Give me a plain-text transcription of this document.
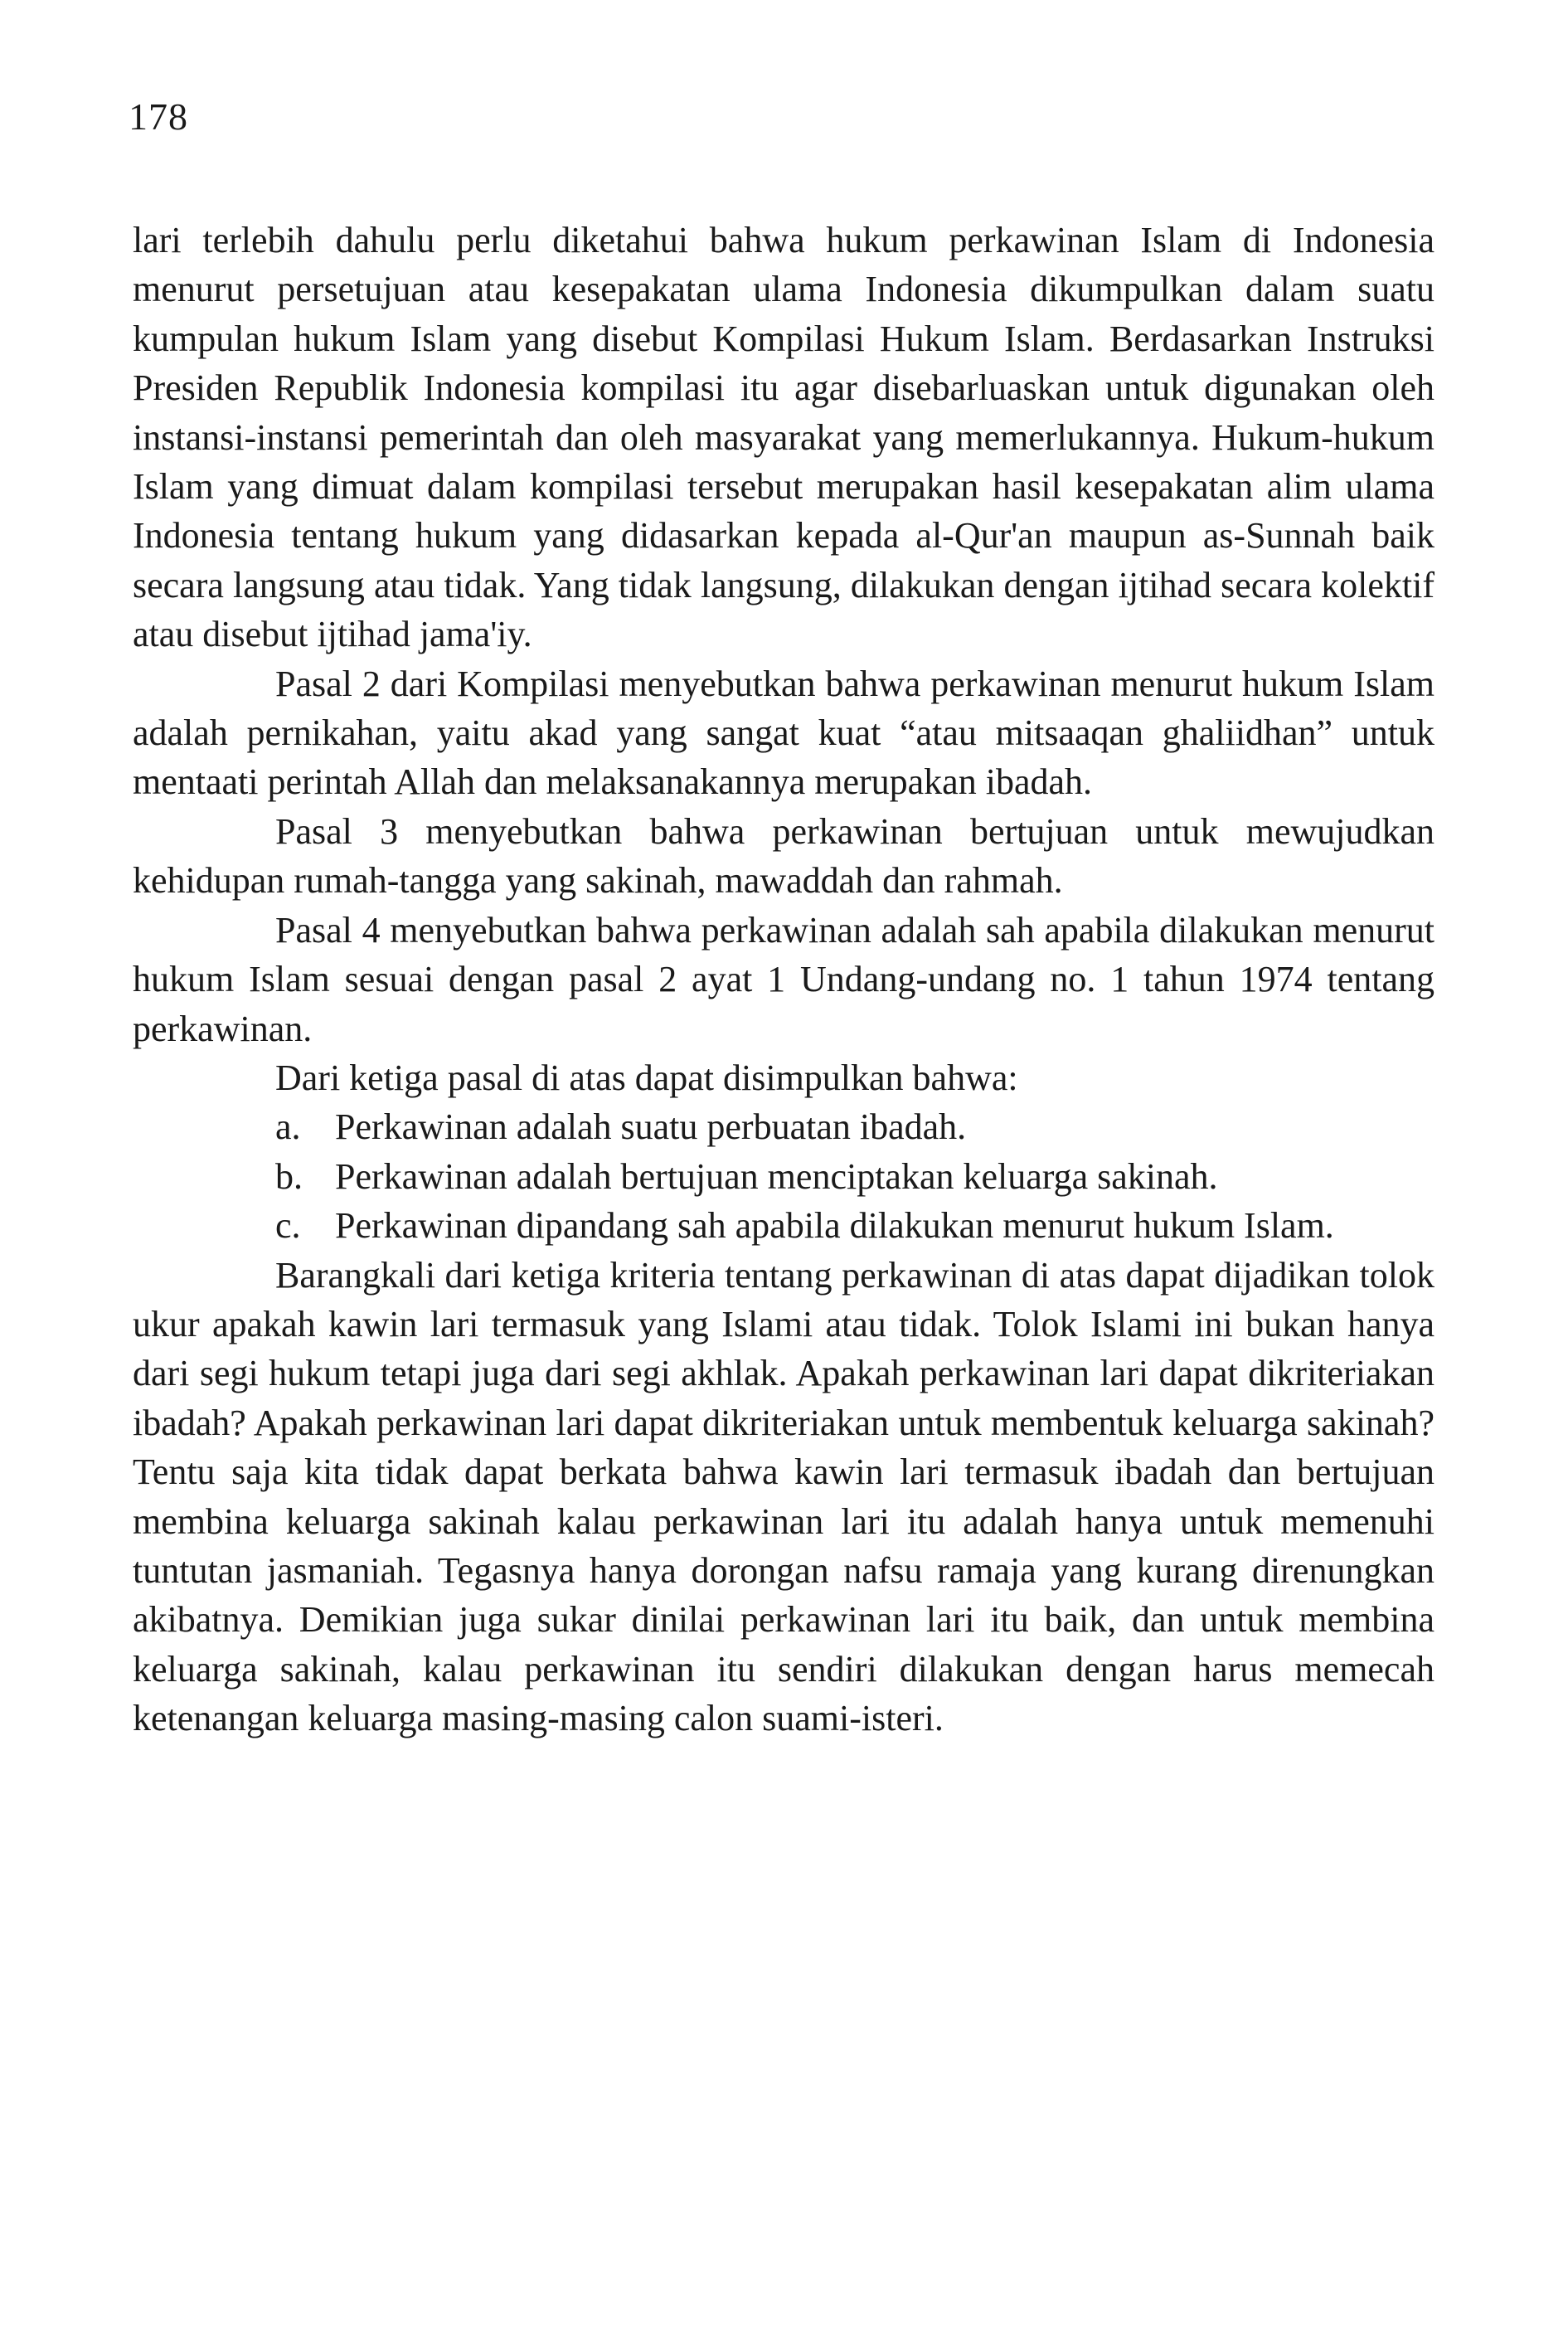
178

lari terlebih dahulu perlu diketahui bahwa hukum perkawinan Islam di Indonesia menurut persetujuan atau kesepakatan ulama Indonesia dikumpulkan dalam suatu kumpulan hukum Islam yang disebut Kompilasi Hukum Islam. Berdasarkan Instruksi Presiden Republik Indonesia kompilasi itu agar disebarluaskan untuk digunakan oleh instansi-instansi pemerintah dan oleh masyarakat yang memerlukannya. Hukum-hukum Islam yang dimuat dalam kompilasi tersebut merupakan hasil kesepakatan alim ulama Indonesia tentang hukum yang didasarkan kepada al-Qur'an maupun as-Sunnah baik secara langsung atau tidak. Yang tidak langsung, dilakukan dengan ijtihad secara kolektif atau disebut ijtihad jama'iy.

Pasal 2 dari Kompilasi menyebutkan bahwa perkawinan menurut hukum Islam adalah pernikahan, yaitu akad yang sangat kuat “atau mitsaaqan ghaliidhan” untuk mentaati perintah Allah dan melaksanakannya merupakan ibadah.

Pasal 3 menyebutkan bahwa perkawinan bertujuan untuk mewujudkan kehidupan rumah-tangga yang sakinah, mawaddah dan rahmah.

Pasal 4 menyebutkan bahwa perkawinan adalah sah apabila dilakukan menurut hukum Islam sesuai dengan pasal 2 ayat 1 Undang-undang no. 1 tahun 1974 tentang perkawinan.

Dari ketiga pasal di atas dapat disimpulkan bahwa:

a. Perkawinan adalah suatu perbuatan ibadah.
b. Perkawinan adalah bertujuan menciptakan keluarga sakinah.
c. Perkawinan dipandang sah apabila dilakukan menurut hukum Islam.

Barangkali dari ketiga kriteria tentang perkawinan di atas dapat dijadikan tolok ukur apakah kawin lari termasuk yang Islami atau tidak. Tolok Islami ini bukan hanya dari segi hukum tetapi juga dari segi akhlak. Apakah perkawinan lari dapat dikriteriakan ibadah? Apakah perkawinan lari dapat dikriteriakan untuk membentuk keluarga sakinah? Tentu saja kita tidak dapat berkata bahwa kawin lari termasuk ibadah dan bertujuan membina keluarga sakinah kalau perkawinan lari itu adalah hanya untuk memenuhi tuntutan jasmaniah. Tegasnya hanya dorongan nafsu ramaja yang kurang direnungkan akibatnya. Demikian juga sukar dinilai perkawinan lari itu baik, dan untuk membina keluarga sakinah, kalau perkawinan itu sendiri dilakukan dengan harus memecah ketenangan keluarga masing-masing calon suami-isteri.
